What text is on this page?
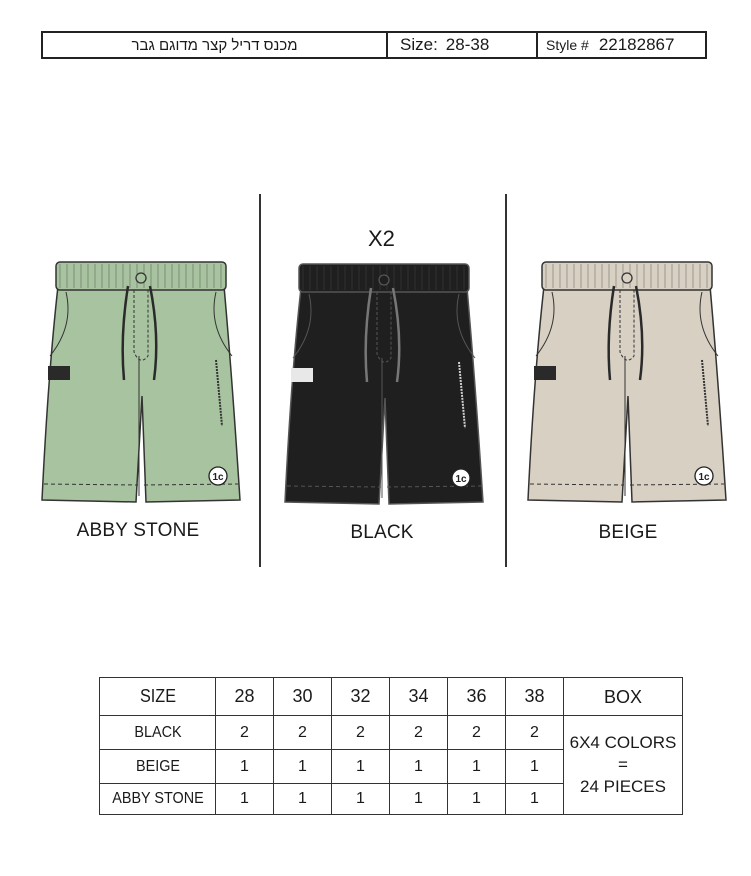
מכנס דריל קצר מדוגם גבר	Size: 28-38	Style # 22182867
X2
1c	1c	1c
ABBY STONE	BLACK	BEIGE
SIZE	28	30	32	34	36	38	BOX
BLACK	2	2	2	2	2	2	6X4 COLORS =
24 PIECES

BEIGE	1	1	1	1	1	1	
ABBY STONE	1	1	1	1	1	1	
